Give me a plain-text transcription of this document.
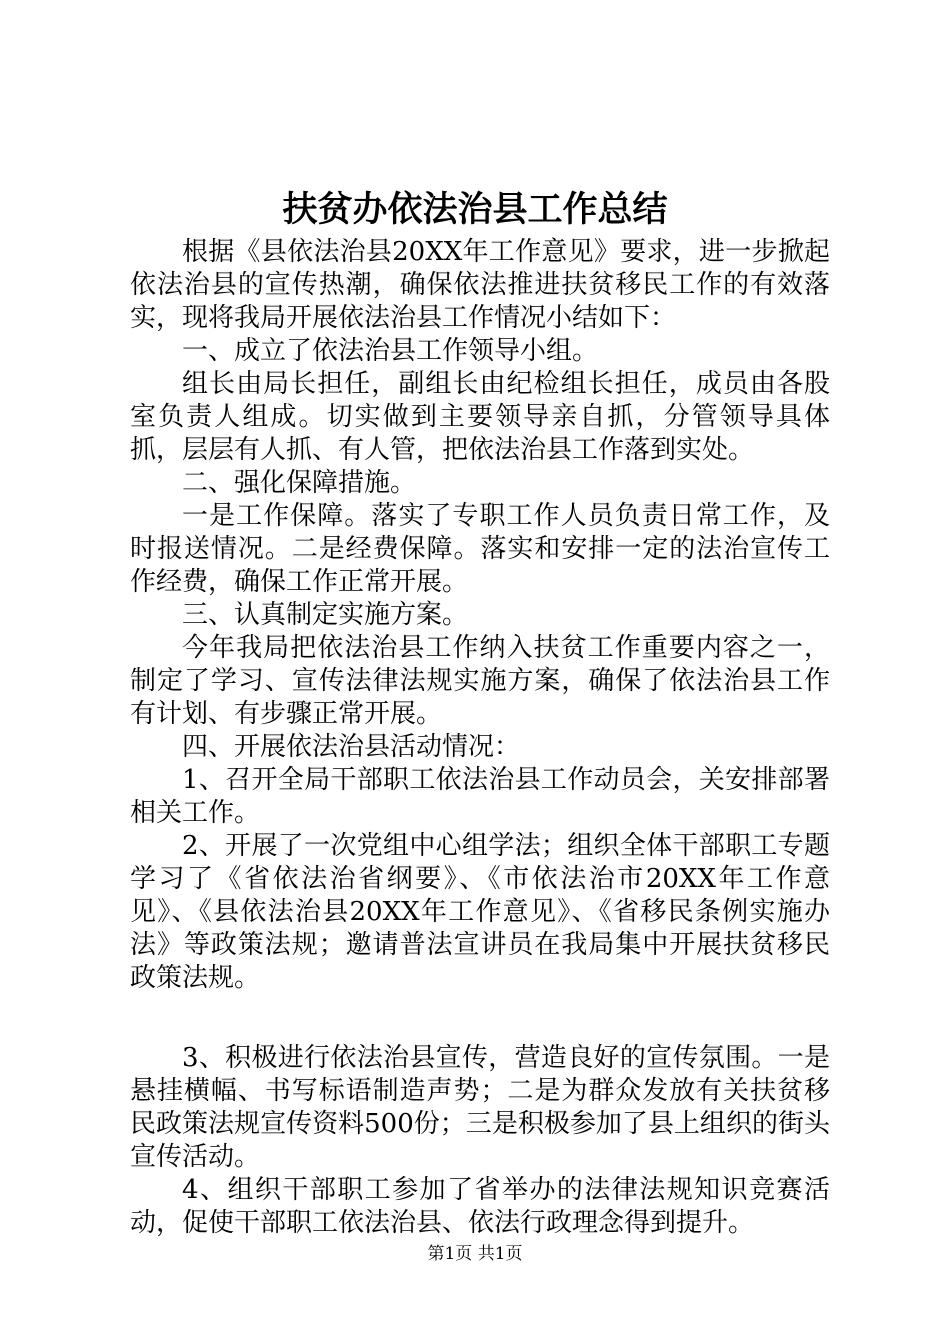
扶贫办依法治县工作总结

根据《县依法治县20XX年工作意见》要求，进一步掀起依法治县的宣传热潮，确保依法推进扶贫移民工作的有效落实，现将我局开展依法治县工作情况小结如下：

一、成立了依法治县工作领导小组。

组长由局长担任，副组长由纪检组长担任，成员由各股室负责人组成。切实做到主要领导亲自抓，分管领导具体抓，层层有人抓、有人管，把依法治县工作落到实处。

二、强化保障措施。

一是工作保障。落实了专职工作人员负责日常工作，及时报送情况。二是经费保障。落实和安排一定的法治宣传工作经费，确保工作正常开展。

三、认真制定实施方案。

今年我局把依法治县工作纳入扶贫工作重要内容之一，制定了学习、宣传法律法规实施方案，确保了依法治县工作有计划、有步骤正常开展。

四、开展依法治县活动情况：

1、召开全局干部职工依法治县工作动员会，关安排部署相关工作。

2、开展了一次党组中心组学法；组织全体干部职工专题学习了《省依法治省纲要》、《市依法治市20XX年工作意见》、《县依法治县20XX年工作意见》、《省移民条例实施办法》等政策法规；邀请普法宣讲员在我局集中开展扶贫移民政策法规。

3、积极进行依法治县宣传，营造良好的宣传氛围。一是悬挂横幅、书写标语制造声势；二是为群众发放有关扶贫移民政策法规宣传资料500份；三是积极参加了县上组织的街头宣传活动。

4、组织干部职工参加了省举办的法律法规知识竞赛活动，促使干部职工依法治县、依法行政理念得到提升。

第1页 共1页
